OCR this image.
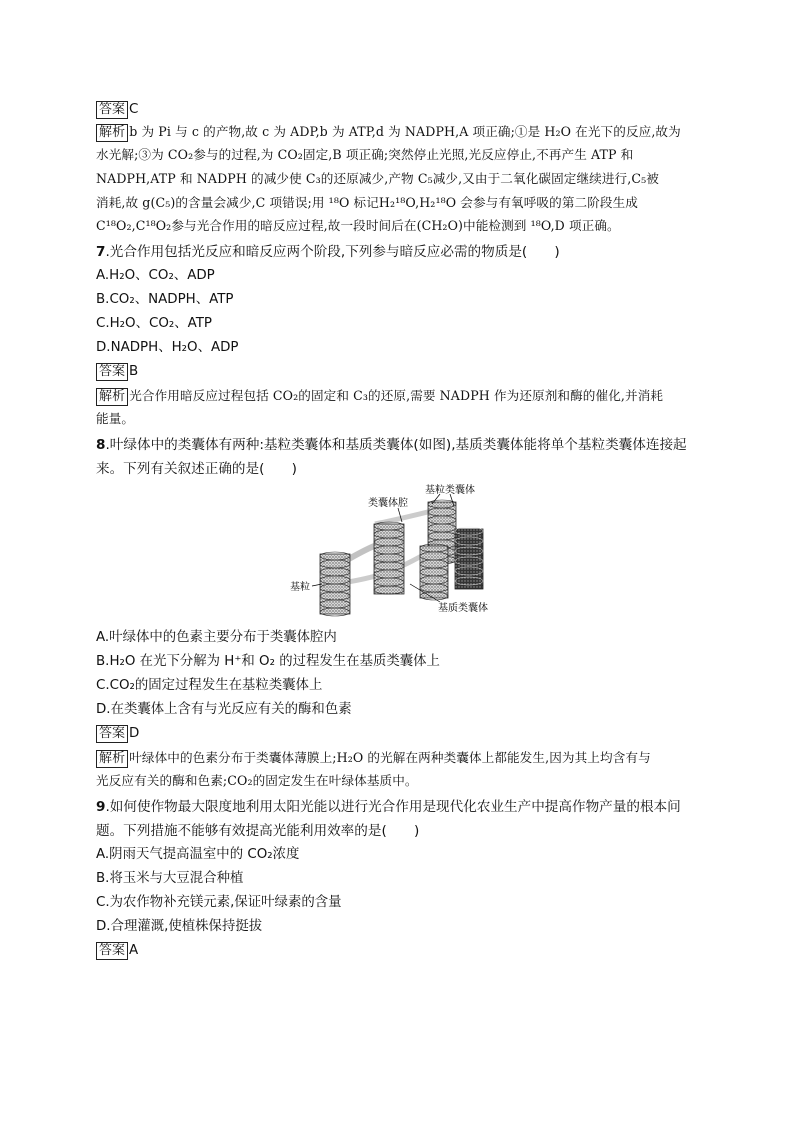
答案 C
解析 b 为 Pi 与 c 的产物,故 c 为 ADP,b 为 ATP,d 为 NADPH,A 项正确;①是 H₂O 在光下的反应,故为
水光解;③为 CO₂参与的过程,为 CO₂固定,B 项正确;突然停止光照,光反应停止,不再产生 ATP 和
NADPH,ATP 和 NADPH 的减少使 C₃的还原减少,产物 C₅减少,又由于二氧化碳固定继续进行,C₅被
消耗,故 g(C₅)的含量会减少,C 项错误;用 ¹⁸O 标记H₂¹⁸O,H₂¹⁸O 会参与有氧呼吸的第二阶段生成
C¹⁸O₂,C¹⁸O₂参与光合作用的暗反应过程,故一段时间后在(CH₂O)中能检测到 ¹⁸O,D 项正确。
7.光合作用包括光反应和暗反应两个阶段,下列参与暗反应必需的物质是(　　)
A.H₂O、CO₂、ADP
B.CO₂、NADPH、ATP
C.H₂O、CO₂、ATP
D.NADPH、H₂O、ADP
答案 B
解析 光合作用暗反应过程包括 CO₂的固定和 C₃的还原,需要 NADPH 作为还原剂和酶的催化,并消耗
能量。
8.叶绿体中的类囊体有两种:基粒类囊体和基质类囊体(如图),基质类囊体能将单个基粒类囊体连接起
来。下列有关叙述正确的是(　　)
类囊体腔
基粒类囊体
基粒
基质类囊体
A.叶绿体中的色素主要分布于类囊体腔内
B.H₂O 在光下分解为 H⁺和 O₂ 的过程发生在基质类囊体上
C.CO₂的固定过程发生在基粒类囊体上
D.在类囊体上含有与光反应有关的酶和色素
答案 D
解析 叶绿体中的色素分布于类囊体薄膜上;H₂O 的光解在两种类囊体上都能发生,因为其上均含有与
光反应有关的酶和色素;CO₂的固定发生在叶绿体基质中。
9.如何使作物最大限度地利用太阳光能以进行光合作用是现代化农业生产中提高作物产量的根本问
题。下列措施不能够有效提高光能利用效率的是(　　)
A.阴雨天气提高温室中的 CO₂浓度
B.将玉米与大豆混合种植
C.为农作物补充镁元素,保证叶绿素的含量
D.合理灌溉,使植株保持挺拔
答案 A
